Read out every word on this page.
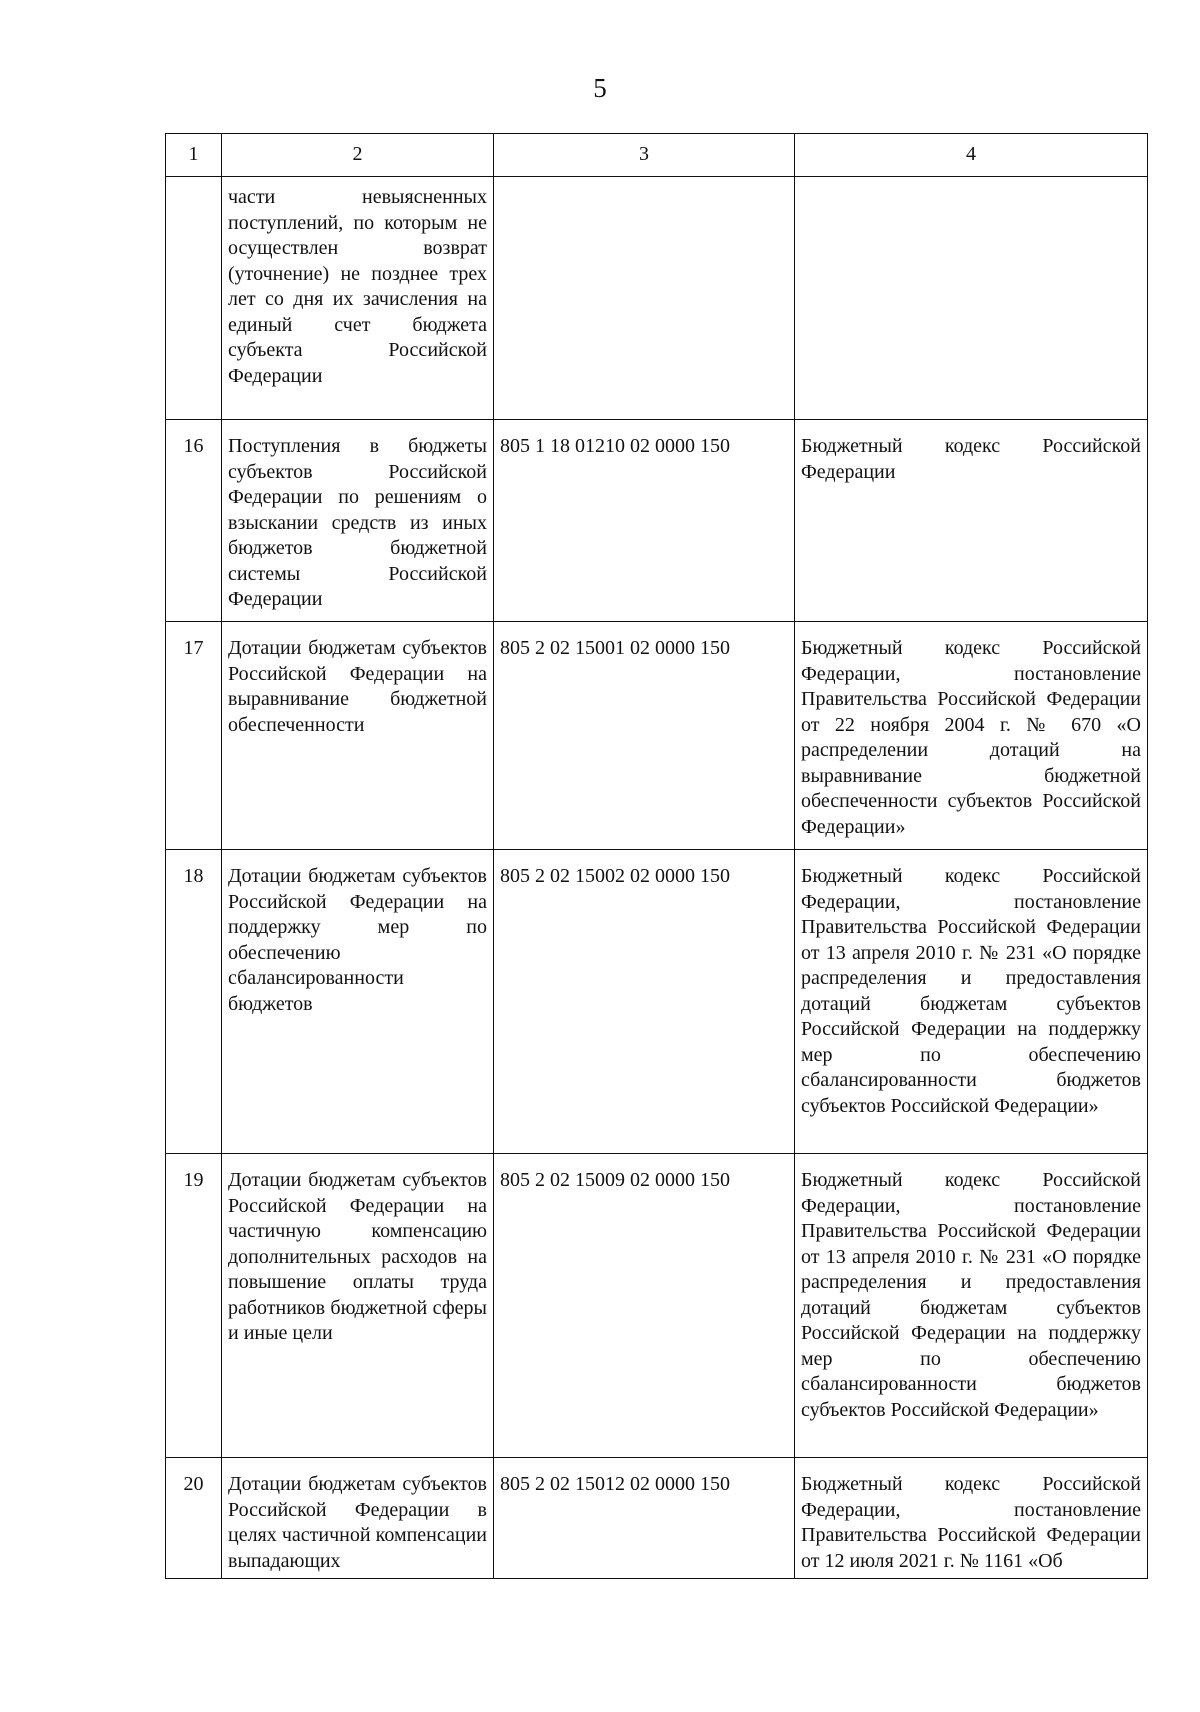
5
1	2	3	4

	части невыясненных поступлений, по которым не осуществлен возврат (уточнение) не позднее трех лет со дня их зачисления на единый счет бюджета субъекта Российской Федерации		

16	Поступления в бюджеты субъектов Российской Федерации по решениям о взыскании средств из иных бюджетов бюджетной системы Российской Федерации	805 1 18 01210 02 0000 150	Бюджетный кодекс Российской Федерации

17	Дотации бюджетам субъектов Российской Федерации на выравнивание бюджетной обеспеченности	805 2 02 15001 02 0000 150	Бюджетный кодекс Российской Федерации, постановление Правительства Российской Федерации от 22 ноября 2004 г. № 670 «О распределении дотаций на выравнивание бюджетной обеспеченности субъектов Российской Федерации»

18	Дотации бюджетам субъектов Российской Федерации на поддержку мер по обеспечению сбалансированности бюджетов	805 2 02 15002 02 0000 150	Бюджетный кодекс Российской Федерации, постановление Правительства Российской Федерации от 13 апреля 2010 г. № 231 «О порядке распределения и предоставления дотаций бюджетам субъектов Российской Федерации на поддержку мер по обеспечению сбалансированности бюджетов субъектов Российской Федерации»

19	Дотации бюджетам субъектов Российской Федерации на частичную компенсацию дополнительных расходов на повышение оплаты труда работников бюджетной сферы и иные цели	805 2 02 15009 02 0000 150	Бюджетный кодекс Российской Федерации, постановление Правительства Российской Федерации от 13 апреля 2010 г. № 231 «О порядке распределения и предоставления дотаций бюджетам субъектов Российской Федерации на поддержку мер по обеспечению сбалансированности бюджетов субъектов Российской Федерации»

20	Дотации бюджетам субъектов Российской Федерации в целях частичной компенсации выпадающих	805 2 02 15012 02 0000 150	Бюджетный кодекс Российской Федерации, постановление Правительства Российской Федерации от 12 июля 2021 г. № 1161 «Об
